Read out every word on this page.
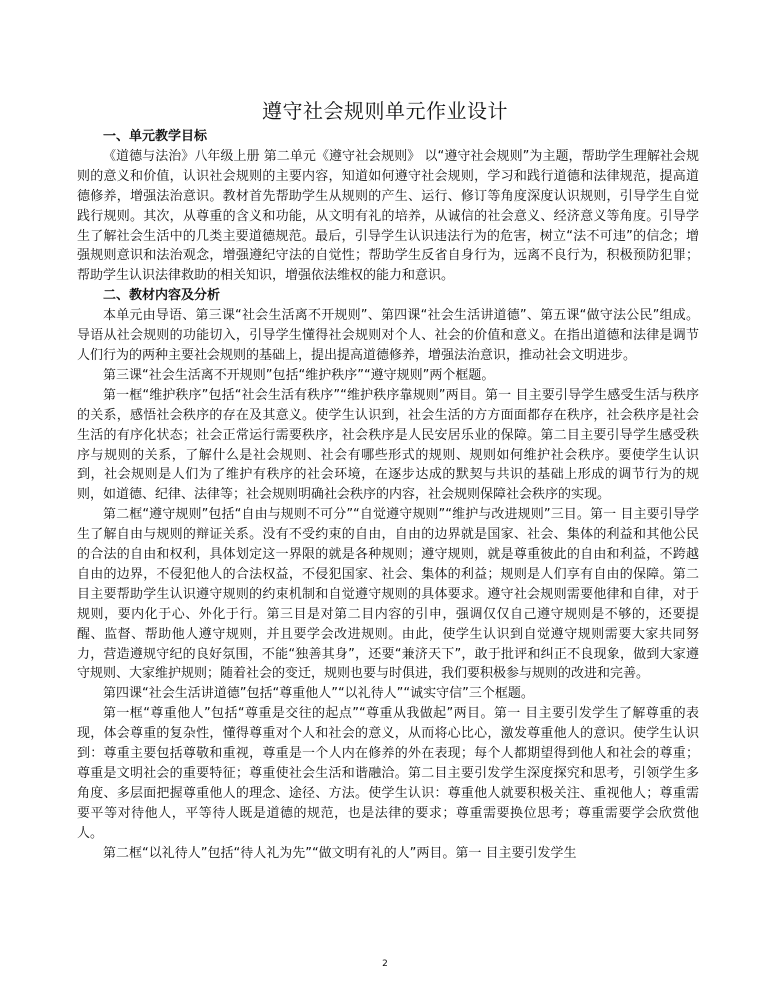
遵守社会规则单元作业设计
一、单元教学目标

《道德与法治》八年级上册 第二单元《遵守社会规则》 以“遵守社会规则”为主题，帮助学生理解社会规则的意义和价值，认识社会规则的主要内容，知道如何遵守社会规则，学习和践行道德和法律规范，提高道德修养，增强法治意识。教材首先帮助学生从规则的产生、运行、修订等角度深度认识规则，引导学生自觉践行规则。其次，从尊重的含义和功能，从文明有礼的培养，从诚信的社会意义、经济意义等角度。引导学生了解社会生活中的几类主要道德规范。最后，引导学生认识违法行为的危害，树立“法不可违”的信念；增强规则意识和法治观念，增强遵纪守法的自觉性；帮助学生反省自身行为，远离不良行为，积极预防犯罪；帮助学生认识法律救助的相关知识，增强依法维权的能力和意识。

二、教材内容及分析

本单元由导语、第三课“社会生活离不开规则”、第四课“社会生活讲道德”、第五课“做守法公民”组成。导语从社会规则的功能切入，引导学生懂得社会规则对个人、社会的价值和意义。在指出道德和法律是调节人们行为的两种主要社会规则的基础上，提出提高道德修养，增强法治意识，推动社会文明进步。

第三课“社会生活离不开规则”包括“维护秩序”“遵守规则”两个框题。

第一框“维护秩序”包括“社会生活有秩序”“维护秩序靠规则”两目。第一 目主要引导学生感受生活与秩序的关系，感悟社会秩序的存在及其意义。使学生认识到，社会生活的方方面面都存在秩序，社会秩序是社会生活的有序化状态；社会正常运行需要秩序，社会秩序是人民安居乐业的保障。第二目主要引导学生感受秩序与规则的关系，了解什么是社会规则、社会有哪些形式的规则、规则如何维护社会秩序。要使学生认识到，社会规则是人们为了维护有秩序的社会环境，在逐步达成的默契与共识的基础上形成的调节行为的规则，如道德、纪律、法律等；社会规则明确社会秩序的内容，社会规则保障社会秩序的实现。

第二框“遵守规则”包括“自由与规则不可分”“自觉遵守规则”“维护与改进规则”三目。第一 目主要引导学生了解自由与规则的辩证关系。没有不受约束的自由，自由的边界就是国家、社会、集体的利益和其他公民的合法的自由和权利，具体划定这一界限的就是各种规则；遵守规则，就是尊重彼此的自由和利益，不跨越自由的边界，不侵犯他人的合法权益，不侵犯国家、社会、集体的利益；规则是人们享有自由的保障。第二目主要帮助学生认识遵守规则的约束机制和自觉遵守规则的具体要求。遵守社会规则需要他律和自律，对于规则，要内化于心、外化于行。第三目是对第二目内容的引申，强调仅仅自己遵守规则是不够的，还要提醒、监督、帮助他人遵守规则，并且要学会改进规则。由此，使学生认识到自觉遵守规则需要大家共同努力，营造遵规守纪的良好氛围，不能“独善其身”，还要“兼济天下”，敢于批评和纠正不良现象，做到大家遵守规则、大家维护规则；随着社会的变迁，规则也要与时俱进，我们要积极参与规则的改进和完善。

第四课“社会生活讲道德”包括“尊重他人”“以礼待人”“诚实守信”三个框题。

第一框“尊重他人”包括“尊重是交往的起点”“尊重从我做起”两目。第一 目主要引发学生了解尊重的表现，体会尊重的复杂性，懂得尊重对个人和社会的意义，从而将心比心，激发尊重他人的意识。使学生认识到：尊重主要包括尊敬和重视，尊重是一个人内在修养的外在表现；每个人都期望得到他人和社会的尊重；尊重是文明社会的重要特征；尊重使社会生活和谐融洽。第二目主要引发学生深度探究和思考，引领学生多角度、多层面把握尊重他人的理念、途径、方法。使学生认识：尊重他人就要积极关注、重视他人；尊重需要平等对待他人，平等待人既是道德的规范，也是法律的要求；尊重需要换位思考；尊重需要学会欣赏他人。

第二框“以礼待人”包括“待人礼为先”“做文明有礼的人”两目。第一 目主要引发学生

2
